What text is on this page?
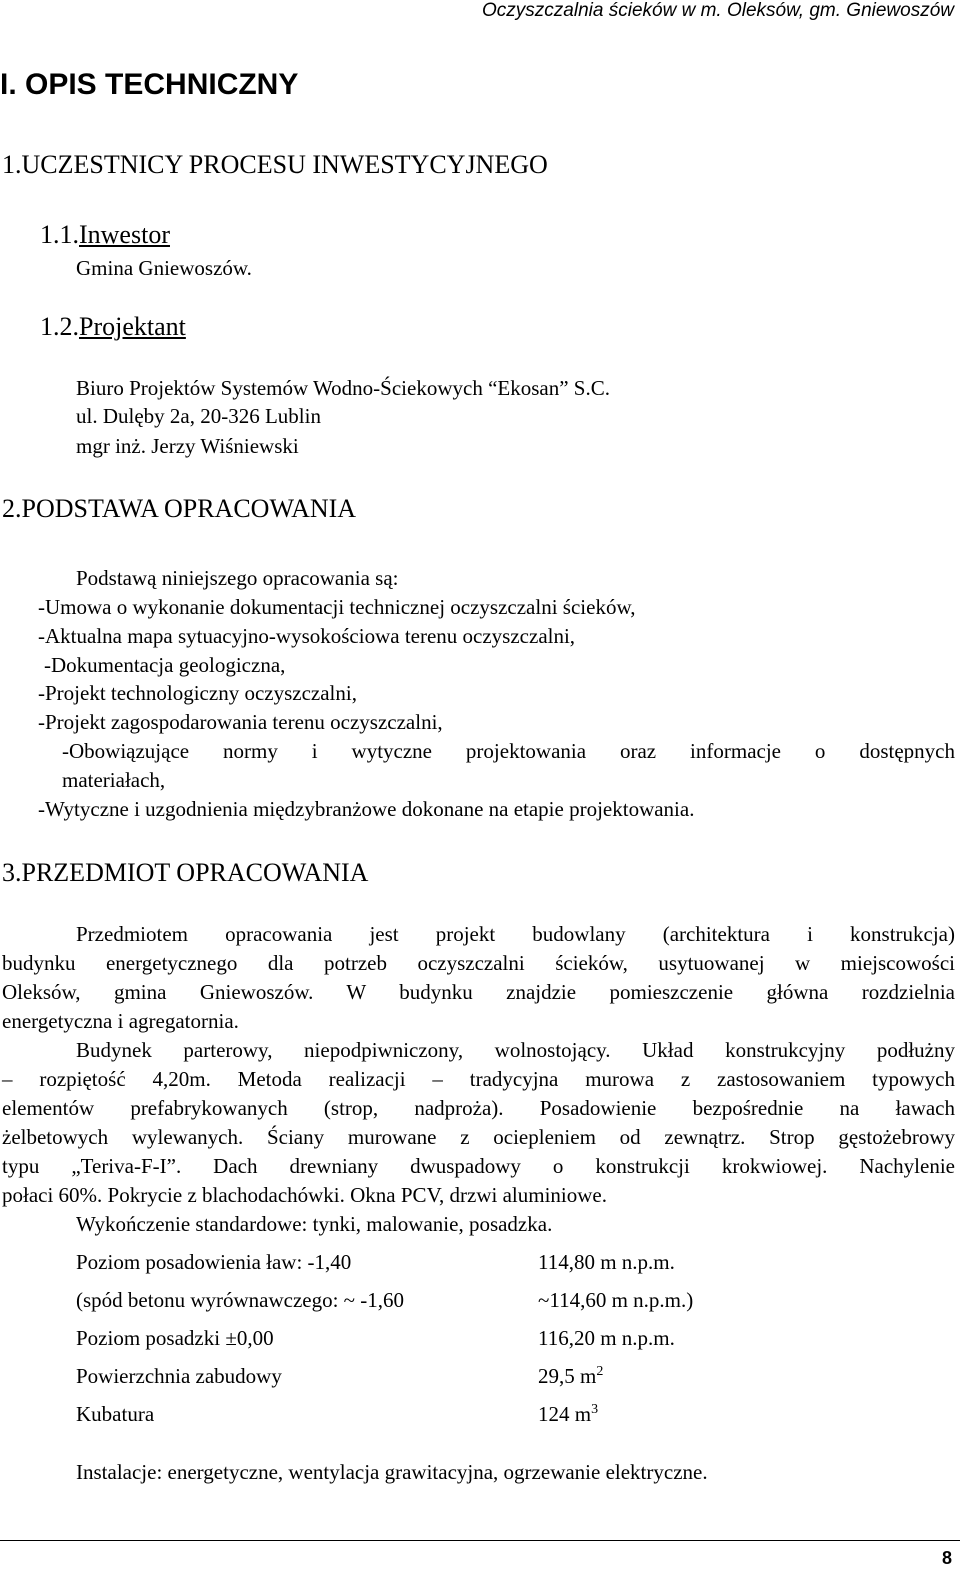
Oczyszczalnia ścieków w m. Oleksów, gm. Gniewoszów
I. OPIS TECHNICZNY
1.UCZESTNICY PROCESU INWESTYCYJNEGO
1.1.Inwestor
Gmina Gniewoszów.
1.2.Projektant
Biuro Projektów Systemów Wodno-Ściekowych “Ekosan” S.C.
ul. Dulęby 2a, 20-326 Lublin
mgr inż. Jerzy Wiśniewski
2.PODSTAWA OPRACOWANIA
Podstawą niniejszego opracowania są:
-Umowa o wykonanie dokumentacji technicznej oczyszczalni ścieków,
-Aktualna mapa sytuacyjno-wysokościowa terenu oczyszczalni,
-Dokumentacja geologiczna,
-Projekt technologiczny oczyszczalni,
-Projekt zagospodarowania terenu oczyszczalni,
-Obowiązujące normy i wytyczne projektowania oraz informacje o dostępnych
materiałach,
-Wytyczne i uzgodnienia międzybranżowe dokonane na etapie projektowania.
3.PRZEDMIOT OPRACOWANIA
Przedmiotem opracowania jest projekt budowlany (architektura i konstrukcja)
budynku energetycznego dla potrzeb oczyszczalni ścieków, usytuowanej w miejscowości
Oleksów, gmina Gniewoszów. W budynku znajdzie pomieszczenie główna rozdzielnia
energetyczna i agregatornia.
Budynek parterowy, niepodpiwniczony, wolnostojący. Układ konstrukcyjny podłużny
– rozpiętość 4,20m. Metoda realizacji – tradycyjna murowa z zastosowaniem typowych
elementów prefabrykowanych (strop, nadproża). Posadowienie bezpośrednie na ławach
żelbetowych wylewanych. Ściany murowane z ociepleniem od zewnątrz. Strop gęstożebrowy
typu „Teriva-F-I”. Dach drewniany dwuspadowy o konstrukcji krokwiowej. Nachylenie
połaci 60%. Pokrycie z blachodachówki. Okna PCV, drzwi aluminiowe.
Wykończenie standardowe: tynki, malowanie, posadzka.
Poziom posadowienia ław: -1,40	114,80 m n.p.m.
(spód betonu wyrównawczego: ~ -1,60	~114,60 m n.p.m.)
Poziom posadzki ±0,00	116,20 m n.p.m.
Powierzchnia zabudowy	29,5 $m^2$
Kubatura	124 $m^3$
Instalacje: energetyczne, wentylacja grawitacyjna, ogrzewanie elektryczne.
8
